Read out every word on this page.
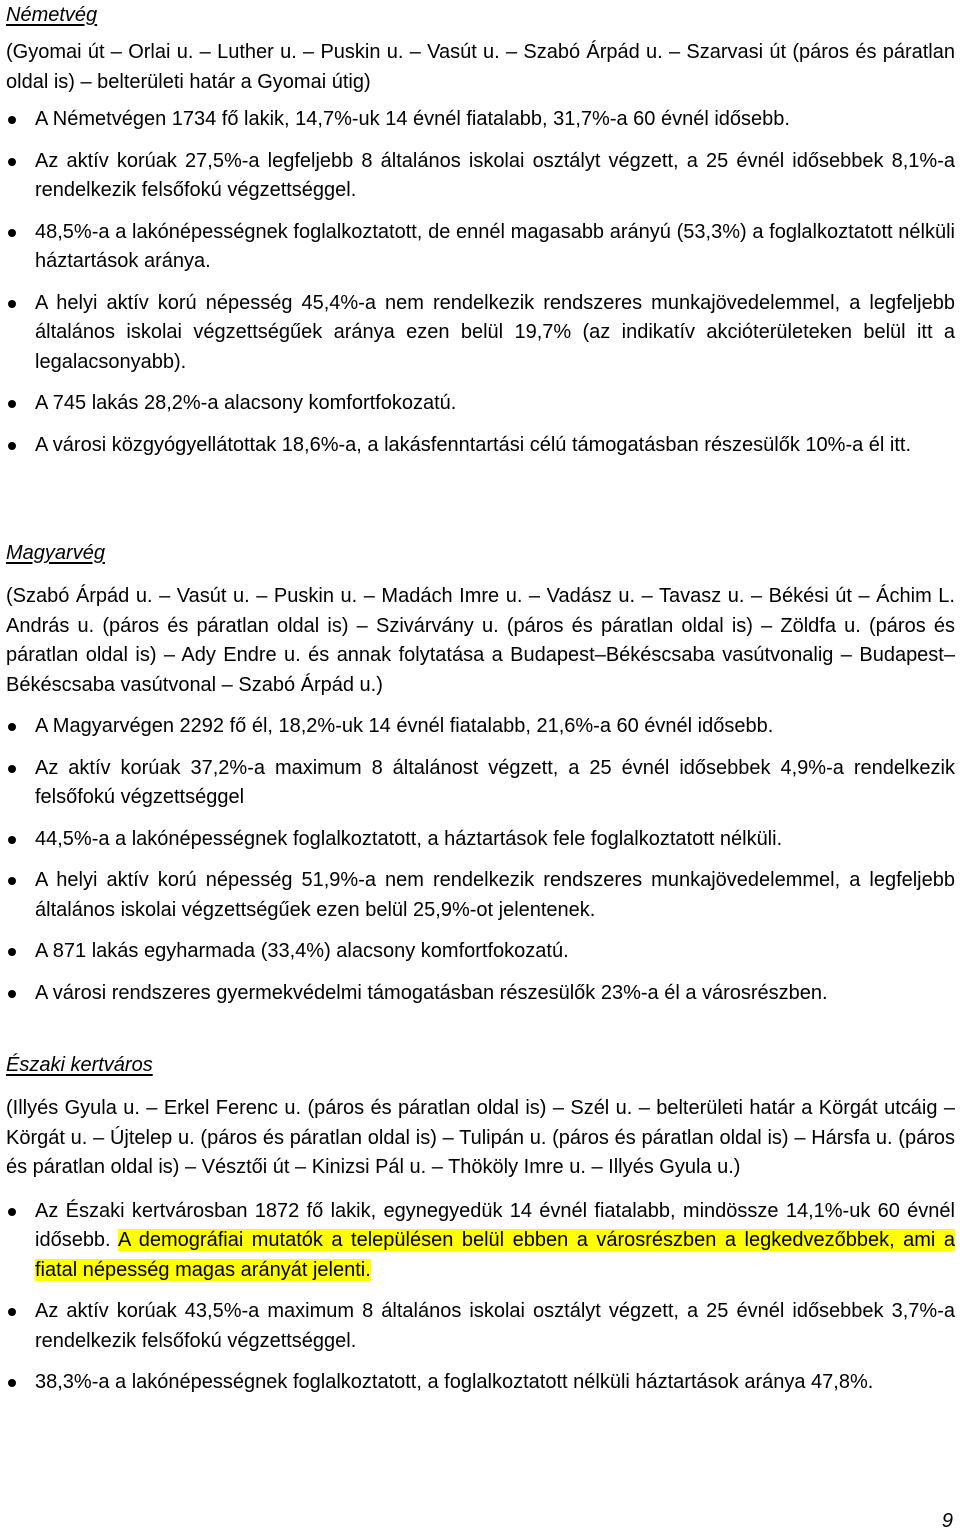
Németvég

(Gyomai út – Orlai u. – Luther u. – Puskin u. – Vasút u. – Szabó Árpád u. – Szarvasi út (páros és páratlan oldal is) – belterületi határ a Gyomai útig)

A Németvégen 1734 fő lakik, 14,7%-uk 14 évnél fiatalabb, 31,7%-a 60 évnél idősebb.
Az aktív korúak 27,5%-a legfeljebb 8 általános iskolai osztályt végzett, a 25 évnél idősebbek 8,1%-a rendelkezik felsőfokú végzettséggel.
48,5%-a a lakónépességnek foglalkoztatott, de ennél magasabb arányú (53,3%) a foglalkoztatott nélküli háztartások aránya.
A helyi aktív korú népesség 45,4%-a nem rendelkezik rendszeres munkajövedelemmel, a legfeljebb általános iskolai végzettségűek aránya ezen belül 19,7% (az indikatív akcióterületeken belül itt a legalacsonyabb).
A 745 lakás 28,2%-a alacsony komfortfokozatú.
A városi közgyógyellátottak 18,6%-a, a lakásfenntartási célú támogatásban részesülők 10%-a él itt.

Magyarvég

(Szabó Árpád u. – Vasút u. – Puskin u. – Madách Imre u. – Vadász u. – Tavasz u. – Békési út – Áchim L. András u. (páros és páratlan oldal is) – Szivárvány u. (páros és páratlan oldal is) – Zöldfa u. (páros és páratlan oldal is) – Ady Endre u. és annak folytatása a Budapest–Békéscsaba vasútvonalig – Budapest–Békéscsaba vasútvonal – Szabó Árpád u.)

A Magyarvégen 2292 fő él, 18,2%-uk 14 évnél fiatalabb, 21,6%-a 60 évnél idősebb.
Az aktív korúak 37,2%-a maximum 8 általánost végzett, a 25 évnél idősebbek 4,9%-a rendelkezik felsőfokú végzettséggel
44,5%-a a lakónépességnek foglalkoztatott, a háztartások fele foglalkoztatott nélküli.
A helyi aktív korú népesség 51,9%-a nem rendelkezik rendszeres munkajövedelemmel, a legfeljebb általános iskolai végzettségűek ezen belül 25,9%-ot jelentenek.
A 871 lakás egyharmada (33,4%) alacsony komfortfokozatú.
A városi rendszeres gyermekvédelmi támogatásban részesülők 23%-a él a városrészben.

Északi kertváros

(Illyés Gyula u. – Erkel Ferenc u. (páros és páratlan oldal is) – Szél u. – belterületi határ a Körgát utcáig – Körgát u. – Újtelep u. (páros és páratlan oldal is) – Tulipán u. (páros és páratlan oldal is) – Hársfa u. (páros és páratlan oldal is) – Vésztői út – Kinizsi Pál u. – Thököly Imre u. – Illyés Gyula u.)

Az Északi kertvárosban 1872 fő lakik, egynegyedük 14 évnél fiatalabb, mindössze 14,1%-uk 60 évnél idősebb. A demográfiai mutatók a településen belül ebben a városrészben a legkedvezőbbek, ami a fiatal népesség magas arányát jelenti.
Az aktív korúak 43,5%-a maximum 8 általános iskolai osztályt végzett, a 25 évnél idősebbek 3,7%-a rendelkezik felsőfokú végzettséggel.
38,3%-a a lakónépességnek foglalkoztatott, a foglalkoztatott nélküli háztartások aránya 47,8%.
9
